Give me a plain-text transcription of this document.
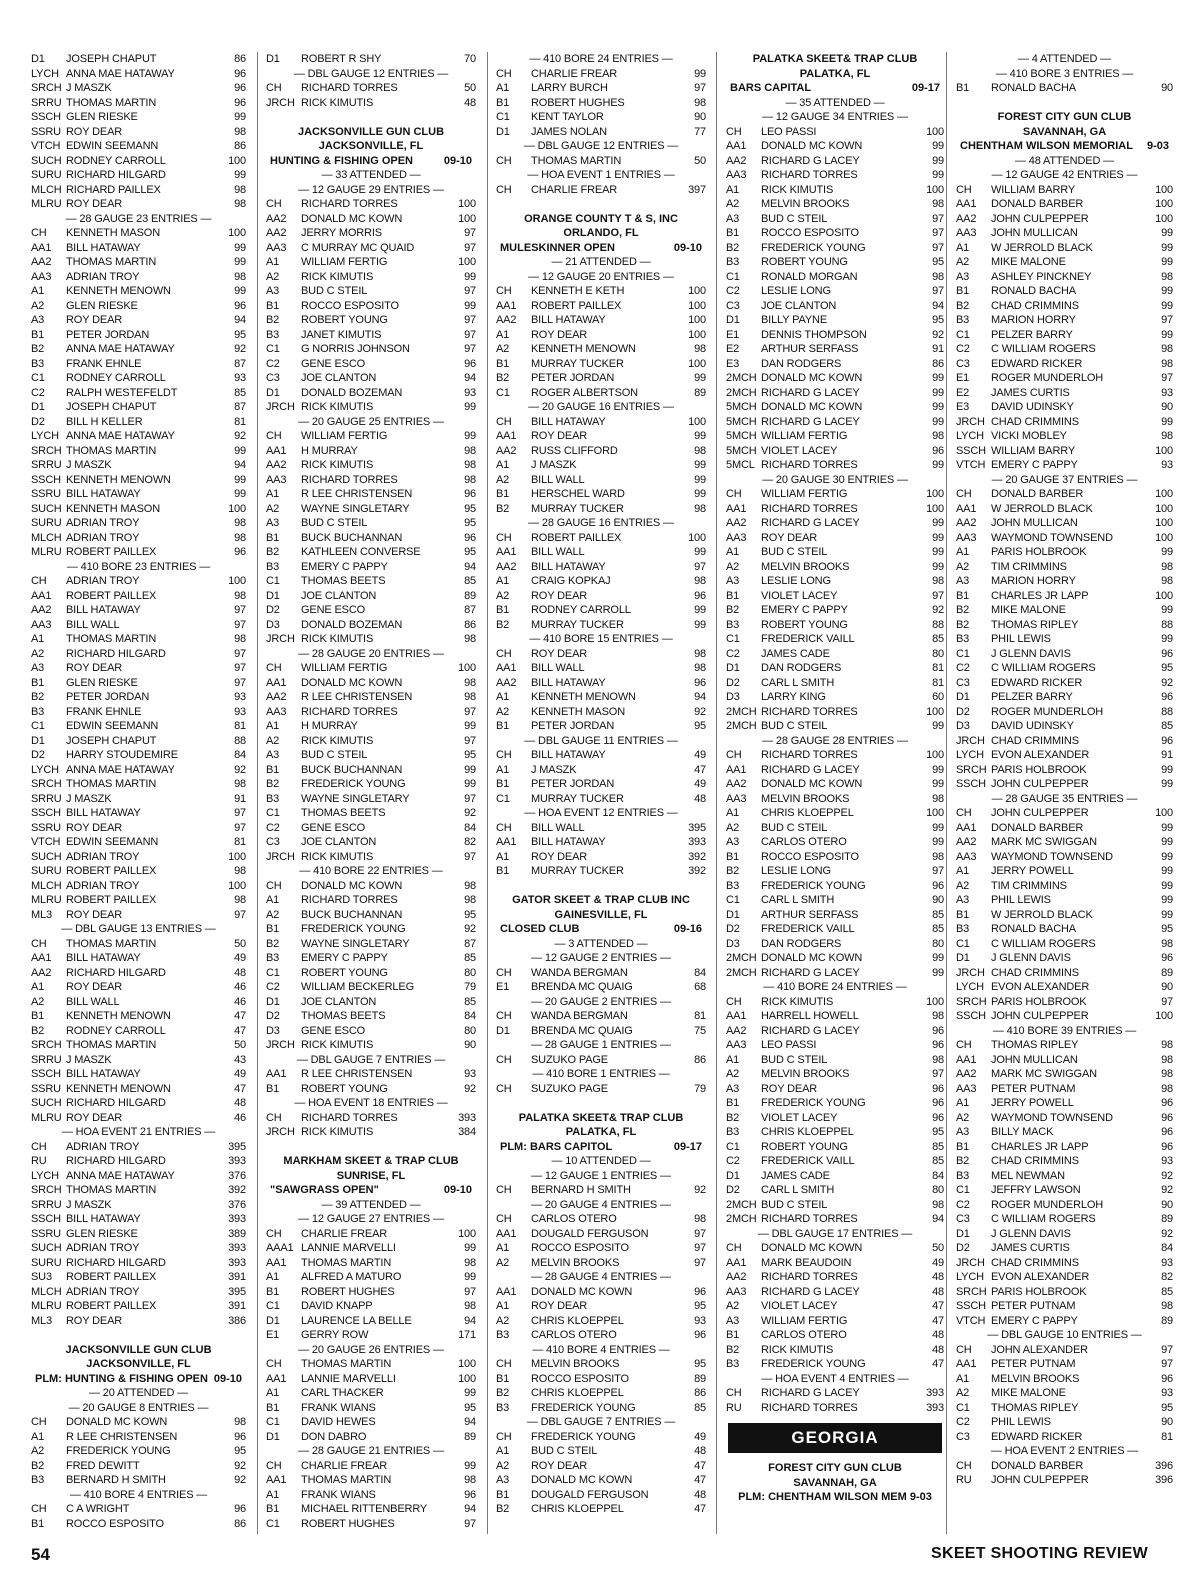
D1	JOSEPH CHAPUT	86
LYCH ANNA MAE HATAWAY	96
SRCH J MASZK	96
SRRU THOMAS MARTIN	96
SSCH GLEN RIESKE	99
SSRU ROY DEAR	98
VTCH EDWIN SEEMANN	86
SUCH RODNEY CARROLL	100
SURU RICHARD HILGARD	99
MLCH RICHARD PAILLEX	98
MLRU ROY DEAR	98
— 28 GAUGE 23 ENTRIES —
CH	KENNETH MASON	100
AA1	BILL HATAWAY	99
AA2	THOMAS MARTIN	99
AA3	ADRIAN TROY	98
A1	KENNETH MENOWN	99
A2	GLEN RIESKE	96
A3	ROY DEAR	94
B1	PETER JORDAN	95
B2	ANNA MAE HATAWAY	92
B3	FRANK EHNLE	87
C1	RODNEY CARROLL	93
C2	RALPH WESTEFELDT	85
D1	JOSEPH CHAPUT	87
D2	BILL H KELLER	81
LYCH ANNA MAE HATAWAY	92
SRCH THOMAS MARTIN	99
SRRU J MASZK	94
SSCH KENNETH MENOWN	99
SSRU BILL HATAWAY	99
SUCH KENNETH MASON	100
SURU ADRIAN TROY	98
MLCH ADRIAN TROY	98
MLRU ROBERT PAILLEX	96
— 410 BORE 23 ENTRIES —
CH	ADRIAN TROY	100
AA1	ROBERT PAILLEX	98
AA2	BILL HATAWAY	97
AA3	BILL WALL	97
A1	THOMAS MARTIN	98
A2	RICHARD HILGARD	97
A3	ROY DEAR	97
B1	GLEN RIESKE	97
B2	PETER JORDAN	93
B3	FRANK EHNLE	93
C1	EDWIN SEEMANN	81
D1	JOSEPH CHAPUT	88
D2	HARRY STOUDEMIRE	84
LYCH ANNA MAE HATAWAY	92
SRCH THOMAS MARTIN	98
SRRU J MASZK	91
SSCH BILL HATAWAY	97
SSRU ROY DEAR	97
VTCH EDWIN SEEMANN	81
SUCH ADRIAN TROY	100
SURU ROBERT PAILLEX	98
MLCH ADRIAN TROY	100
MLRU ROBERT PAILLEX	98
ML3	ROY DEAR	97
— DBL GAUGE 13 ENTRIES —
CH	THOMAS MARTIN	50
AA1	BILL HATAWAY	49
AA2	RICHARD HILGARD	48
A1	ROY DEAR	46
A2	BILL WALL	46
B1	KENNETH MENOWN	47
B2	RODNEY CARROLL	47
SRCH THOMAS MARTIN	50
SRRU J MASZK	43
SSCH BILL HATAWAY	49
SSRU KENNETH MENOWN	47
SUCH RICHARD HILGARD	48
MLRU ROY DEAR	46
— HOA EVENT 21 ENTRIES —
CH	ADRIAN TROY	395
RU	RICHARD HILGARD	393
LYCH ANNA MAE HATAWAY	376
SRCH THOMAS MARTIN	392
SRRU J MASZK	376
SSCH BILL HATAWAY	393
SSRU GLEN RIESKE	389
SUCH ADRIAN TROY	393
SURU RICHARD HILGARD	393
SU3	ROBERT PAILLEX	391
MLCH ADRIAN TROY	395
MLRU ROBERT PAILLEX	391
ML3	ROY DEAR	386
JACKSONVILLE GUN CLUB
JACKSONVILLE, FL
PLM: HUNTING & FISHING OPEN 09-10
— 20 ATTENDED —
— 20 GAUGE 8 ENTRIES —
CH	DONALD MC KOWN	98
A1	R LEE CHRISTENSEN	96
A2	FREDERICK YOUNG	95
B2	FRED DEWITT	92
B3	BERNARD H SMITH	92
— 410 BORE 4 ENTRIES —
CH	C A WRIGHT	96
B1	ROCCO ESPOSITO	86
D1	ROBERT R SHY	70
— DBL GAUGE 12 ENTRIES —
CH	RICHARD TORRES	50
JRCH RICK KIMUTIS	48
JACKSONVILLE GUN CLUB
JACKSONVILLE, FL
HUNTING & FISHING OPEN	09-10
— 33 ATTENDED —
— 12 GAUGE 29 ENTRIES —
CH	RICHARD TORRES	100
AA2	DONALD MC KOWN	100
AA2	JERRY MORRIS	97
AA3	C MURRAY MC QUAID	97
A1	WILLIAM FERTIG	100
A2	RICK KIMUTIS	99
A3	BUD C STEIL	97
B1	ROCCO ESPOSITO	99
B2	ROBERT YOUNG	97
B3	JANET KIMUTIS	97
C1	G NORRIS JOHNSON	97
C2	GENE ESCO	96
C3	JOE CLANTON	94
D1	DONALD BOZEMAN	93
JRCH RICK KIMUTIS	99
— 20 GAUGE 25 ENTRIES —
CH	WILLIAM FERTIG	99
AA1	H MURRAY	98
AA2	RICK KIMUTIS	98
AA3	RICHARD TORRES	98
A1	R LEE CHRISTENSEN	96
A2	WAYNE SINGLETARY	95
A3	BUD C STEIL	95
B1	BUCK BUCHANNAN	96
B2	KATHLEEN CONVERSE	95
B3	EMERY C PAPPY	94
C1	THOMAS BEETS	85
D1	JOE CLANTON	89
D2	GENE ESCO	87
D3	DONALD BOZEMAN	86
JRCH RICK KIMUTIS	98
— 28 GAUGE 20 ENTRIES —
CH	WILLIAM FERTIG	100
AA1	DONALD MC KOWN	98
AA2	R LEE CHRISTENSEN	98
AA3	RICHARD TORRES	97
A1	H MURRAY	99
A2	RICK KIMUTIS	97
A3	BUD C STEIL	95
B1	BUCK BUCHANNAN	99
B2	FREDERICK YOUNG	99
B3	WAYNE SINGLETARY	97
C1	THOMAS BEETS	92
C2	GENE ESCO	84
C3	JOE CLANTON	82
JRCH RICK KIMUTIS	97
— 410 BORE 22 ENTRIES —
CH	DONALD MC KOWN	98
A1	RICHARD TORRES	98
A2	BUCK BUCHANNAN	95
B1	FREDERICK YOUNG	92
B2	WAYNE SINGLETARY	87
B3	EMERY C PAPPY	85
C1	ROBERT YOUNG	80
C2	WILLIAM BECKERLEG	79
D1	JOE CLANTON	85
D2	THOMAS BEETS	84
D3	GENE ESCO	80
JRCH RICK KIMUTIS	90
— DBL GAUGE 7 ENTRIES —
AA1	R LEE CHRISTENSEN	93
B1	ROBERT YOUNG	92
— HOA EVENT 18 ENTRIES —
CH	RICHARD TORRES	393
JRCH RICK KIMUTIS	384
MARKHAM SKEET & TRAP CLUB
SUNRISE, FL
"SAWGRASS OPEN"	09-10
— 39 ATTENDED —
— 12 GAUGE 27 ENTRIES —
CH	CHARLIE FREAR	100
AAA1 LANNIE MARVELLI	99
AA1	THOMAS MARTIN	98
A1	ALFRED A MATURO	99
B1	ROBERT HUGHES	97
C1	DAVID KNAPP	98
D1	LAURENCE LA BELLE	94
E1	GERRY ROW	171
— 20 GAUGE 26 ENTRIES —
CH	THOMAS MARTIN	100
AA1	LANNIE MARVELLI	100
A1	CARL THACKER	99
B1	FRANK WIANS	95
C1	DAVID HEWES	94
D1	DON DABRO	89
— 28 GAUGE 21 ENTRIES —
CH	CHARLIE FREAR	99
AA1	THOMAS MARTIN	98
A1	FRANK WIANS	96
B1	MICHAEL RITTENBERRY	94
C1	ROBERT HUGHES	97
— 410 BORE 24 ENTRIES —
CH	CHARLIE FREAR	99
A1	LARRY BURCH	97
B1	ROBERT HUGHES	98
C1	KENT TAYLOR	90
D1	JAMES NOLAN	77
— DBL GAUGE 12 ENTRIES —
CH	THOMAS MARTIN	50
— HOA EVENT 1 ENTRIES —
CH	CHARLIE FREAR	397
ORANGE COUNTY T & S, INC
ORLANDO, FL
MULESKINNER OPEN	09-10
— 21 ATTENDED —
— 12 GAUGE 20 ENTRIES —
CH	KENNETH E KETH	100
AA1	ROBERT PAILLEX	100
AA2	BILL HATAWAY	100
A1	ROY DEAR	100
A2	KENNETH MENOWN	98
B1	MURRAY TUCKER	100
B2	PETER JORDAN	99
C1	ROGER ALBERTSON	89
— 20 GAUGE 16 ENTRIES —
CH	BILL HATAWAY	100
AA1	ROY DEAR	99
AA2	RUSS CLIFFORD	98
A1	J MASZK	99
A2	BILL WALL	99
B1	HERSCHEL WARD	99
B2	MURRAY TUCKER	98
— 28 GAUGE 16 ENTRIES —
CH	ROBERT PAILLEX	100
AA1	BILL WALL	99
AA2	BILL HATAWAY	97
A1	CRAIG KOPKAJ	98
A2	ROY DEAR	96
B1	RODNEY CARROLL	99
B2	MURRAY TUCKER	99
— 410 BORE 15 ENTRIES —
CH	ROY DEAR	98
AA1	BILL WALL	98
AA2	BILL HATAWAY	96
A1	KENNETH MENOWN	94
A2	KENNETH MASON	92
B1	PETER JORDAN	95
— DBL GAUGE 11 ENTRIES —
CH	BILL HATAWAY	49
A1	J MASZK	47
B1	PETER JORDAN	49
C1	MURRAY TUCKER	48
— HOA EVENT 12 ENTRIES —
CH	BILL WALL	395
AA1	BILL HATAWAY	393
A1	ROY DEAR	392
B1	MURRAY TUCKER	392
GATOR SKEET & TRAP CLUB INC
GAINESVILLE, FL
CLOSED CLUB	09-16
— 3 ATTENDED —
— 12 GAUGE 2 ENTRIES —
CH	WANDA BERGMAN	84
E1	BRENDA MC QUAIG	68
— 20 GAUGE 2 ENTRIES —
CH	WANDA BERGMAN	81
D1	BRENDA MC QUAIG	75
— 28 GAUGE 1 ENTRIES —
CH	SUZUKO PAGE	86
— 410 BORE 1 ENTRIES —
CH	SUZUKO PAGE	79
PALATKA SKEET& TRAP CLUB
PALATKA, FL
PLM: BARS CAPITOL	09-17
— 10 ATTENDED —
— 12 GAUGE 1 ENTRIES —
CH	BERNARD H SMITH	92
— 20 GAUGE 4 ENTRIES —
CH	CARLOS OTERO	98
AA1	DOUGALD FERGUSON	97
A1	ROCCO ESPOSITO	97
A2	MELVIN BROOKS	97
— 28 GAUGE 4 ENTRIES —
AA1	DONALD MC KOWN	96
A1	ROY DEAR	95
A2	CHRIS KLOEPPEL	93
B3	CARLOS OTERO	96
— 410 BORE 4 ENTRIES —
CH	MELVIN BROOKS	95
B1	ROCCO ESPOSITO	89
B2	CHRIS KLOEPPEL	86
B3	FREDERICK YOUNG	85
— DBL GAUGE 7 ENTRIES —
CH	FREDERICK YOUNG	49
A1	BUD C STEIL	48
A2	ROY DEAR	47
A3	DONALD MC KOWN	47
B1	DOUGALD FERGUSON	48
B2	CHRIS KLOEPPEL	47
PALATKA SKEET& TRAP CLUB
PALATKA, FL
BARS CAPITAL	09-17
— 35 ATTENDED —
— 12 GAUGE 34 ENTRIES —
CH	LEO PASSI	100
AA1	DONALD MC KOWN	99
AA2	RICHARD G LACEY	99
AA3	RICHARD TORRES	99
A1	RICK KIMUTIS	100
A2	MELVIN BROOKS	98
A3	BUD C STEIL	97
B1	ROCCO ESPOSITO	97
B2	FREDERICK YOUNG	97
B3	ROBERT YOUNG	95
C1	RONALD MORGAN	98
C2	LESLIE LONG	97
C3	JOE CLANTON	94
D1	BILLY PAYNE	95
E1	DENNIS THOMPSON	92
E2	ARTHUR SERFASS	91
E3	DAN RODGERS	86
2MCH DONALD MC KOWN	99
2MCH RICHARD G LACEY	99
5MCH DONALD MC KOWN	99
5MCH RICHARD G LACEY	99
5MCH WILLIAM FERTIG	98
5MCH VIOLET LACEY	96
5MCL RICHARD TORRES	99
— 20 GAUGE 30 ENTRIES —
CH	WILLIAM FERTIG	100
AA1	RICHARD TORRES	100
AA2	RICHARD G LACEY	99
AA3	ROY DEAR	99
A1	BUD C STEIL	99
A2	MELVIN BROOKS	99
A3	LESLIE LONG	98
B1	VIOLET LACEY	97
B2	EMERY C PAPPY	92
B3	ROBERT YOUNG	88
C1	FREDERICK VAILL	85
C2	JAMES CADE	80
D1	DAN RODGERS	81
D2	CARL L SMITH	81
D3	LARRY KING	60
2MCH RICHARD TORRES	100
2MCH BUD C STEIL	99
— 28 GAUGE 28 ENTRIES —
CH	RICHARD TORRES	100
AA1	RICHARD G LACEY	99
AA2	DONALD MC KOWN	99
AA3	MELVIN BROOKS	98
A1	CHRIS KLOEPPEL	100
A2	BUD C STEIL	99
A3	CARLOS OTERO	99
B1	ROCCO ESPOSITO	98
B2	LESLIE LONG	97
B3	FREDERICK YOUNG	96
C1	CARL L SMITH	90
D1	ARTHUR SERFASS	85
D2	FREDERICK VAILL	85
D3	DAN RODGERS	80
2MCH DONALD MC KOWN	99
2MCH RICHARD G LACEY	99
— 410 BORE 24 ENTRIES —
CH	RICK KIMUTIS	100
AA1	HARRELL HOWELL	98
AA2	RICHARD G LACEY	96
AA3	LEO PASSI	96
A1	BUD C STEIL	98
A2	MELVIN BROOKS	97
A3	ROY DEAR	96
B1	FREDERICK YOUNG	96
B2	VIOLET LACEY	96
B3	CHRIS KLOEPPEL	95
C1	ROBERT YOUNG	85
C2	FREDERICK VAILL	85
D1	JAMES CADE	84
D2	CARL L SMITH	80
2MCH BUD C STEIL	98
2MCH RICHARD TORRES	94
— DBL GAUGE 17 ENTRIES —
CH	DONALD MC KOWN	50
AA1	MARK BEAUDOIN	49
AA2	RICHARD TORRES	48
AA3	RICHARD G LACEY	48
A2	VIOLET LACEY	47
A3	WILLIAM FERTIG	47
B1	CARLOS OTERO	48
B2	RICK KIMUTIS	48
B3	FREDERICK YOUNG	47
— HOA EVENT 4 ENTRIES —
CH	RICHARD G LACEY	393
RU	RICHARD TORRES	393
GEORGIA
FOREST CITY GUN CLUB
SAVANNAH, GA
PLM: CHENTHAM WILSON MEM 9-03
— 4 ATTENDED —
— 410 BORE 3 ENTRIES —
B1	RONALD BACHA	90
FOREST CITY GUN CLUB
SAVANNAH, GA
CHENTHAM WILSON MEMORIAL 9-03
— 48 ATTENDED —
— 12 GAUGE 42 ENTRIES —
CH	WILLIAM BARRY	100
AA1	DONALD BARBER	100
AA2	JOHN CULPEPPER	100
AA3	JOHN MULLICAN	99
A1	W JERROLD BLACK	99
A2	MIKE MALONE	99
A3	ASHLEY PINCKNEY	98
B1	RONALD BACHA	99
B2	CHAD CRIMMINS	99
B3	MARION HORRY	97
C1	PELZER BARRY	99
C2	C WILLIAM ROGERS	98
C3	EDWARD RICKER	98
E1	ROGER MUNDERLOH	97
E2	JAMES CURTIS	93
E3	DAVID UDINSKY	90
JRCH CHAD CRIMMINS	99
LYCH VICKI MOBLEY	98
SSCH WILLIAM BARRY	100
VTCH EMERY C PAPPY	93
— 20 GAUGE 37 ENTRIES —
CH	DONALD BARBER	100
AA1	W JERROLD BLACK	100
AA2	JOHN MULLICAN	100
AA3	WAYMOND TOWNSEND	100
A1	PARIS HOLBROOK	99
A2	TIM CRIMMINS	98
A3	MARION HORRY	98
B1	CHARLES JR LAPP	100
B2	MIKE MALONE	99
B2	THOMAS RIPLEY	88
B3	PHIL LEWIS	99
C1	J GLENN DAVIS	96
C2	C WILLIAM ROGERS	95
C3	EDWARD RICKER	92
D1	PELZER BARRY	96
D2	ROGER MUNDERLOH	88
D3	DAVID UDINSKY	85
JRCH CHAD CRIMMINS	96
LYCH EVON ALEXANDER	91
SRCH PARIS HOLBROOK	99
SSCH JOHN CULPEPPER	99
— 28 GAUGE 35 ENTRIES —
CH	JOHN CULPEPPER	100
AA1	DONALD BARBER	99
AA2	MARK MC SWIGGAN	99
AA3	WAYMOND TOWNSEND	99
A1	JERRY POWELL	99
A2	TIM CRIMMINS	99
A3	PHIL LEWIS	99
B1	W JERROLD BLACK	99
B3	RONALD BACHA	95
C1	C WILLIAM ROGERS	98
D1	J GLENN DAVIS	96
JRCH CHAD CRIMMINS	89
LYCH EVON ALEXANDER	90
SRCH PARIS HOLBROOK	97
SSCH JOHN CULPEPPER	100
— 410 BORE 39 ENTRIES —
CH	THOMAS RIPLEY	98
AA1	JOHN MULLICAN	98
AA2	MARK MC SWIGGAN	98
AA3	PETER PUTNAM	98
A1	JERRY POWELL	96
A2	WAYMOND TOWNSEND	96
A3	BILLY MACK	96
B1	CHARLES JR LAPP	96
B2	CHAD CRIMMINS	93
B3	MEL NEWMAN	92
C1	JEFFRY LAWSON	92
C2	ROGER MUNDERLOH	90
C3	C WILLIAM ROGERS	89
D1	J GLENN DAVIS	92
D2	JAMES CURTIS	84
JRCH CHAD CRIMMINS	93
LYCH EVON ALEXANDER	82
SRCH PARIS HOLBROOK	85
SSCH PETER PUTNAM	98
VTCH EMERY C PAPPY	89
— DBL GAUGE 10 ENTRIES —
CH	JOHN ALEXANDER	97
AA1	PETER PUTNAM	97
A1	MELVIN BROOKS	96
A2	MIKE MALONE	93
C1	THOMAS RIPLEY	95
C2	PHIL LEWIS	90
C3	EDWARD RICKER	81
— HOA EVENT 2 ENTRIES —
CH	DONALD BARBER	396
RU	JOHN CULPEPPER	396
54	SKEET SHOOTING REVIEW
